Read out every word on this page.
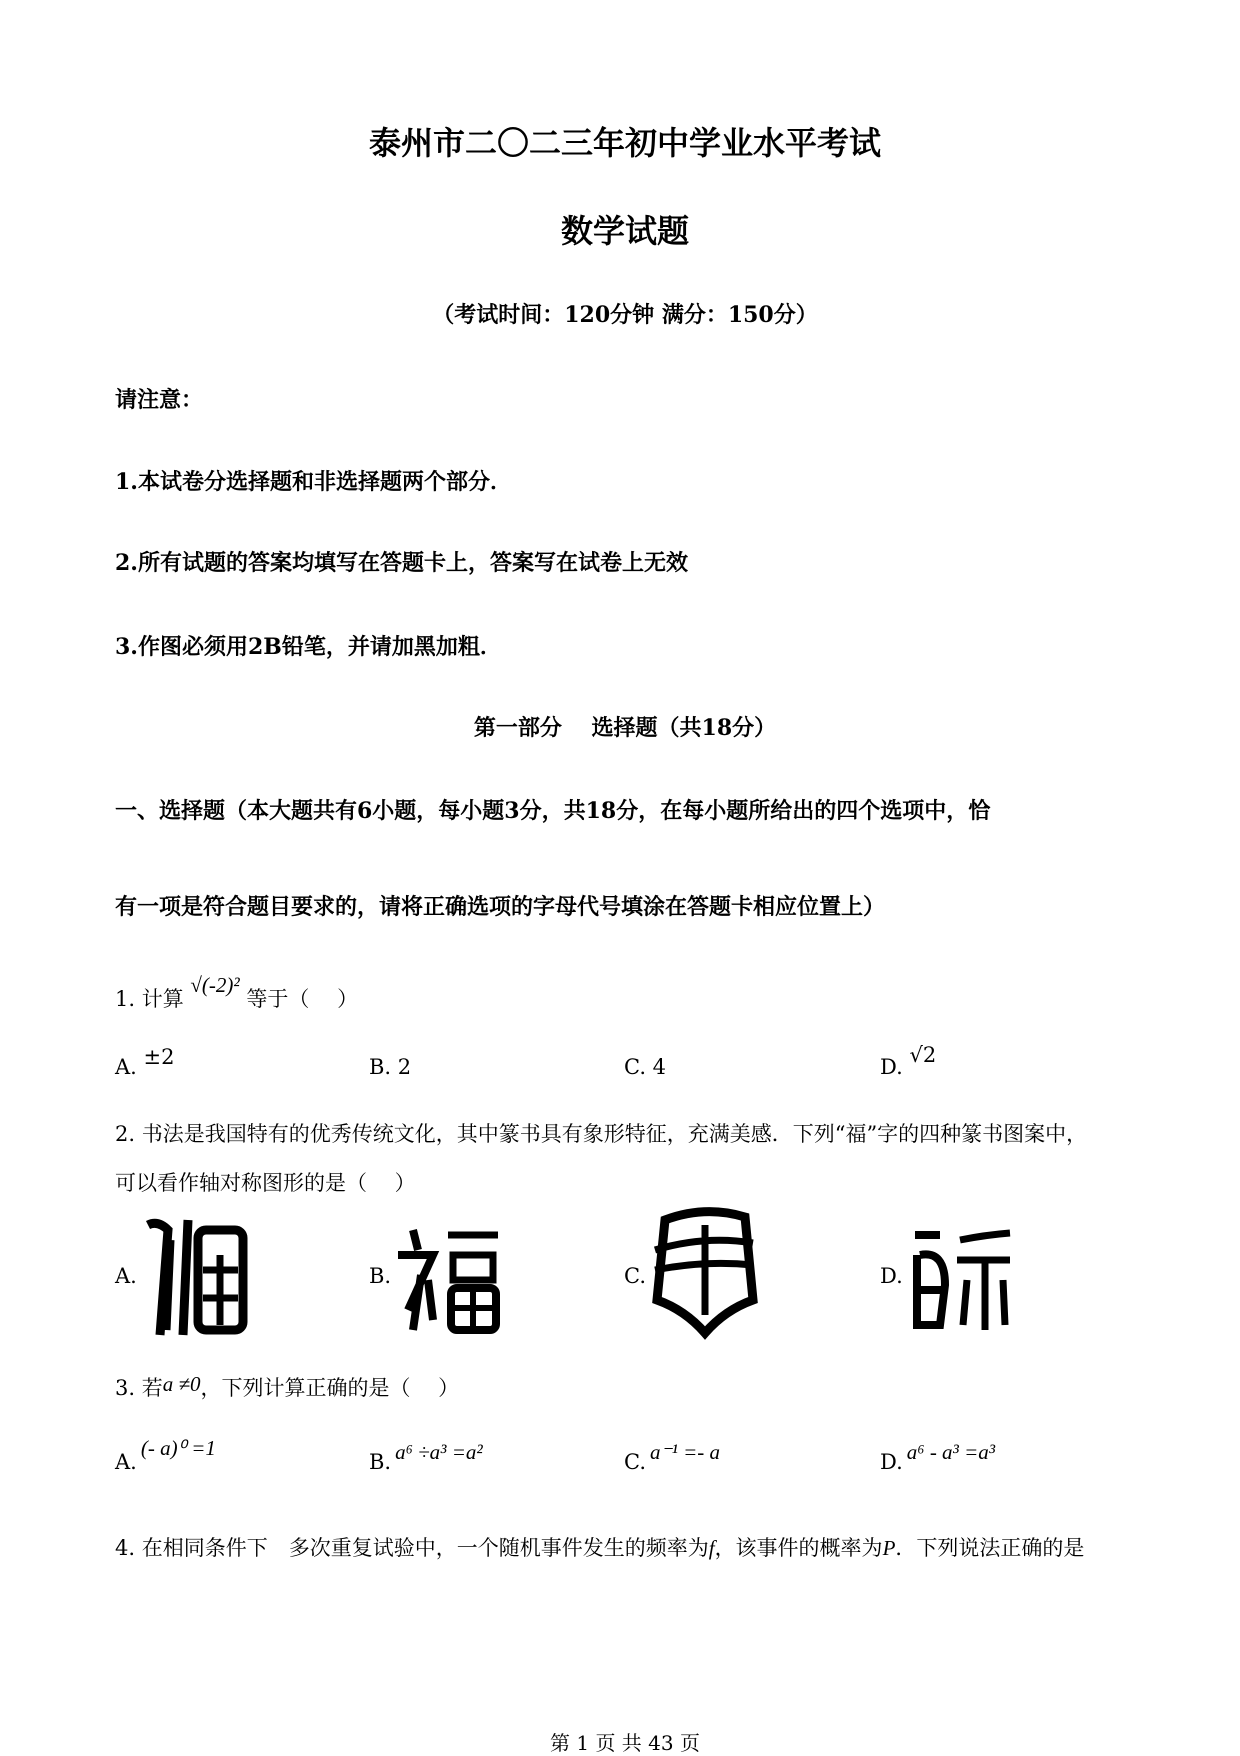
泰州市二〇二三年初中学业水平考试
数学试题
（考试时间：120分钟 满分：150分）
请注意：
1.本试卷分选择题和非选择题两个部分．
2.所有试题的答案均填写在答题卡上，答案写在试卷上无效
3.作图必须用2B铅笔，并请加黑加粗．
第一部分　 选择题（共18分）
一、选择题（本大题共有6小题，每小题3分，共18分，在每小题所给出的四个选项中，恰
有一项是符合题目要求的，请将正确选项的字母代号填涂在答题卡相应位置上）
1. 计算 √(-2)² 等于（　 ）
A. ±2	B. 2	C. 4	D. √2
2. 书法是我国特有的优秀传统文化，其中篆书具有象形特征，充满美感．下列“福”字的四种篆书图案中，
可以看作轴对称图形的是（　 ）
A.	B.	C.	D.
3. 若a ≠0，下列计算正确的是（　 ）
A.(- a)⁰ =1
B. a⁶ ÷a³ =a²	C. a⁻¹ =- a	D. a⁶ - a³ =a³
4. 在相同条件下　多次重复试验中，一个随机事件发生的频率为f，该事件的概率为P．下列说法正确的是
第 1 页 共 43 页
